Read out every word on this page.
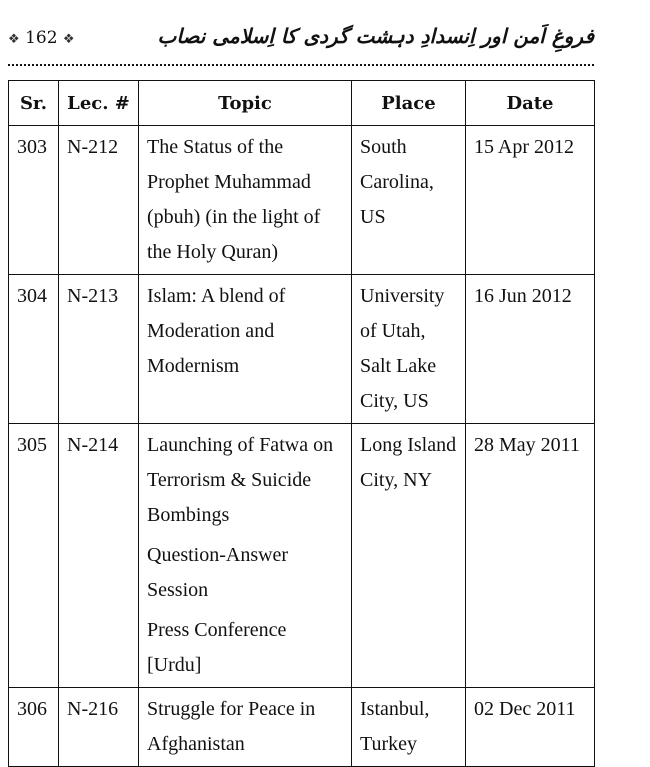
❖ 162 ❖	فروغِ اَمن اور اِنسدادِ دہشت گردی کا اِسلامی نصاب
Sr.	Lec. #	Topic	Place	Date
303	N-212	The Status of the Prophet Muhammad (pbuh) (in the light of the Holy Quran)	South Carolina, US	15 Apr 2012
304	N-213	Islam: A blend of Moderation and Modernism	University of Utah, Salt Lake City, US	16 Jun 2012
305	N-214	Launching of Fatwa on Terrorism & Suicide Bombings
Question-Answer Session
Press Conference [Urdu]	Long Island City, NY	28 May 2011
306	N-216	Struggle for Peace in Afghanistan	Istanbul, Turkey	02 Dec 2011
